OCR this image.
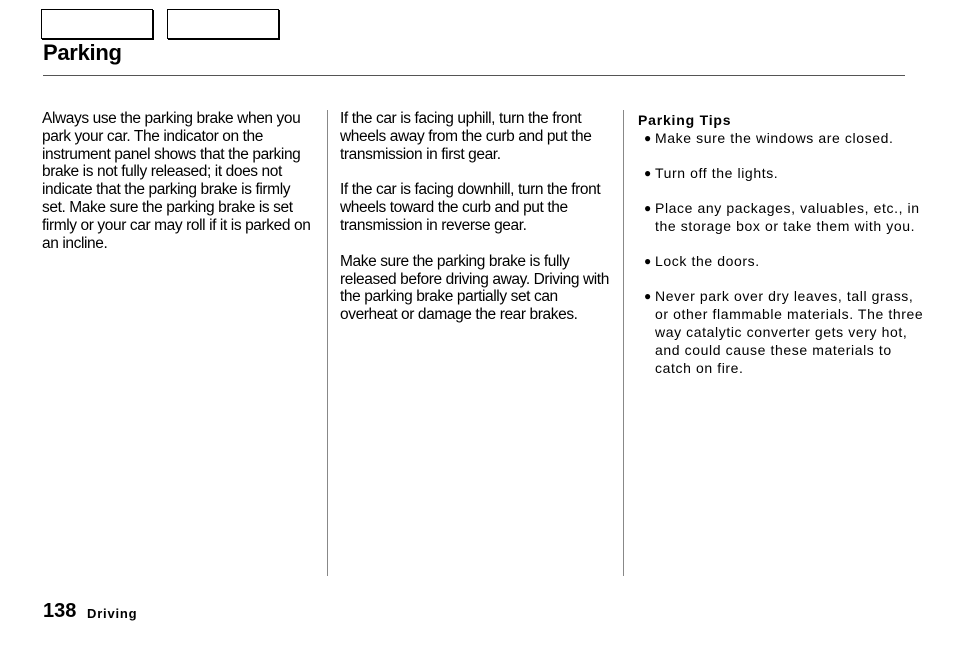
Parking

Always use the parking brake when you park your car. The indicator on the instrument panel shows that the parking brake is not fully released; it does not indicate that the parking brake is firmly set. Make sure the parking brake is set firmly or your car may roll if it is parked on an incline.

If the car is facing uphill, turn the front wheels away from the curb and put the transmission in first gear.

If the car is facing downhill, turn the front wheels toward the curb and put the transmission in reverse gear.

Make sure the parking brake is fully released before driving away. Driving with the parking brake partially set can overheat or damage the rear brakes.

Parking Tips
● Make sure the windows are closed.
● Turn off the lights.
● Place any packages, valuables, etc., in the storage box or take them with you.
● Lock the doors.
● Never park over dry leaves, tall grass, or other flammable materials. The three way catalytic converter gets very hot, and could cause these materials to catch on fire.
138 Driving
